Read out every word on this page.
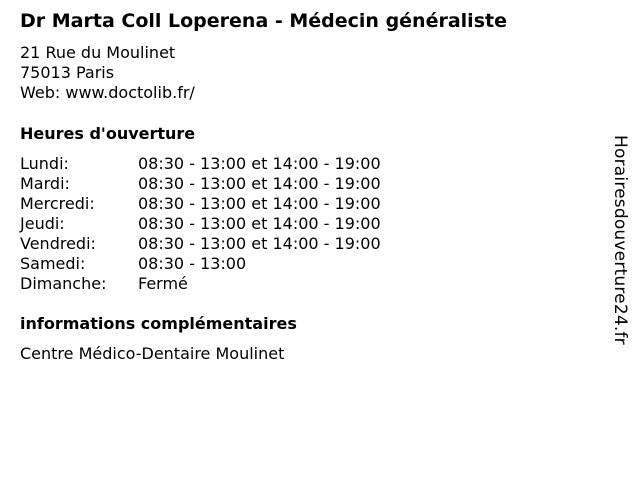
Dr Marta Coll Loperena - Médecin généraliste
21 Rue du Moulinet
75013 Paris
Web: www.doctolib.fr/
Heures d'ouverture
Lundi:	08:30 - 13:00 et 14:00 - 19:00
Mardi:	08:30 - 13:00 et 14:00 - 19:00
Mercredi:	08:30 - 13:00 et 14:00 - 19:00
Jeudi:	08:30 - 13:00 et 14:00 - 19:00
Vendredi:	08:30 - 13:00 et 14:00 - 19:00
Samedi:	08:30 - 13:00
Dimanche:	Fermé
informations complémentaires
Centre Médico-Dentaire Moulinet
Horairesdouverture24.fr
